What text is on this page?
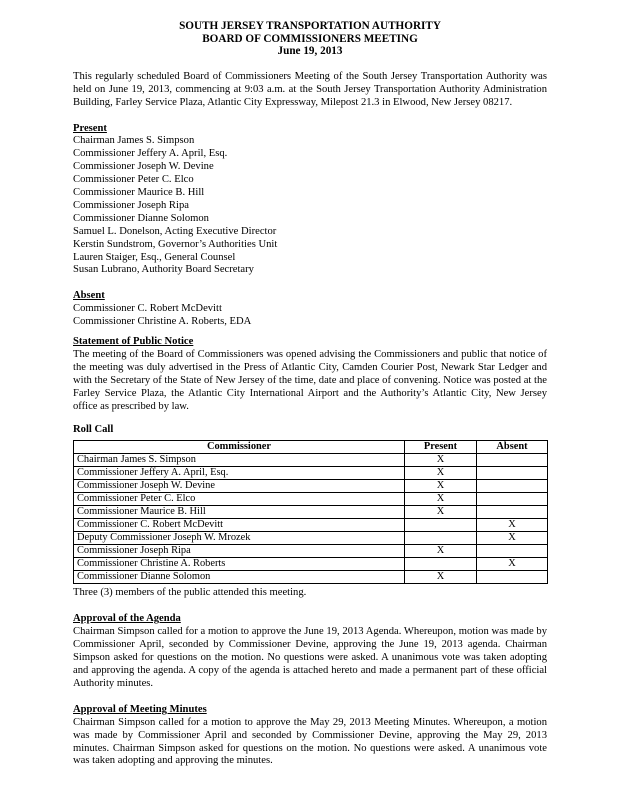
SOUTH JERSEY TRANSPORTATION AUTHORITY
BOARD OF COMMISSIONERS MEETING
June 19, 2013

This regularly scheduled Board of Commissioners Meeting of the South Jersey Transportation Authority was held on June 19, 2013, commencing at 9:03 a.m. at the South Jersey Transportation Authority Administration Building, Farley Service Plaza, Atlantic City Expressway, Milepost 21.3 in Elwood, New Jersey 08217.

Present
Chairman James S. Simpson
Commissioner Jeffery A. April, Esq.
Commissioner Joseph W. Devine
Commissioner Peter C. Elco
Commissioner Maurice B. Hill
Commissioner Joseph Ripa
Commissioner Dianne Solomon
Samuel L. Donelson, Acting Executive Director
Kerstin Sundstrom, Governor’s Authorities Unit
Lauren Staiger, Esq., General Counsel
Susan Lubrano, Authority Board Secretary
Absent
Commissioner C. Robert McDevitt
Commissioner Christine A. Roberts, EDA
Statement of Public Notice

The meeting of the Board of Commissioners was opened advising the Commissioners and public that notice of the meeting was duly advertised in the Press of Atlantic City, Camden Courier Post, Newark Star Ledger and with the Secretary of the State of New Jersey of the time, date and place of convening. Notice was posted at the Farley Service Plaza, the Atlantic City International Airport and the Authority’s Atlantic City, New Jersey office as prescribed by law.

Roll Call
Commissioner	Present	Absent
Chairman James S. Simpson	X	
Commissioner Jeffery A. April, Esq.	X	
Commissioner Joseph W. Devine	X	
Commissioner Peter C. Elco	X	
Commissioner Maurice B. Hill	X	
Commissioner C. Robert McDevitt		X
Deputy Commissioner Joseph W. Mrozek		X
Commissioner Joseph Ripa	X	
Commissioner Christine A. Roberts		X
Commissioner Dianne Solomon	X	

Three (3) members of the public attended this meeting.

Approval of the Agenda

Chairman Simpson called for a motion to approve the June 19, 2013 Agenda. Whereupon, motion was made by Commissioner April, seconded by Commissioner Devine, approving the June 19, 2013 agenda. Chairman Simpson asked for questions on the motion. No questions were asked. A unanimous vote was taken adopting and approving the agenda. A copy of the agenda is attached hereto and made a permanent part of these official Authority minutes.

Approval of Meeting Minutes

Chairman Simpson called for a motion to approve the May 29, 2013 Meeting Minutes. Whereupon, a motion was made by Commissioner April and seconded by Commissioner Devine, approving the May 29, 2013 minutes. Chairman Simpson asked for questions on the motion. No questions were asked. A unanimous vote was taken adopting and approving the minutes.
